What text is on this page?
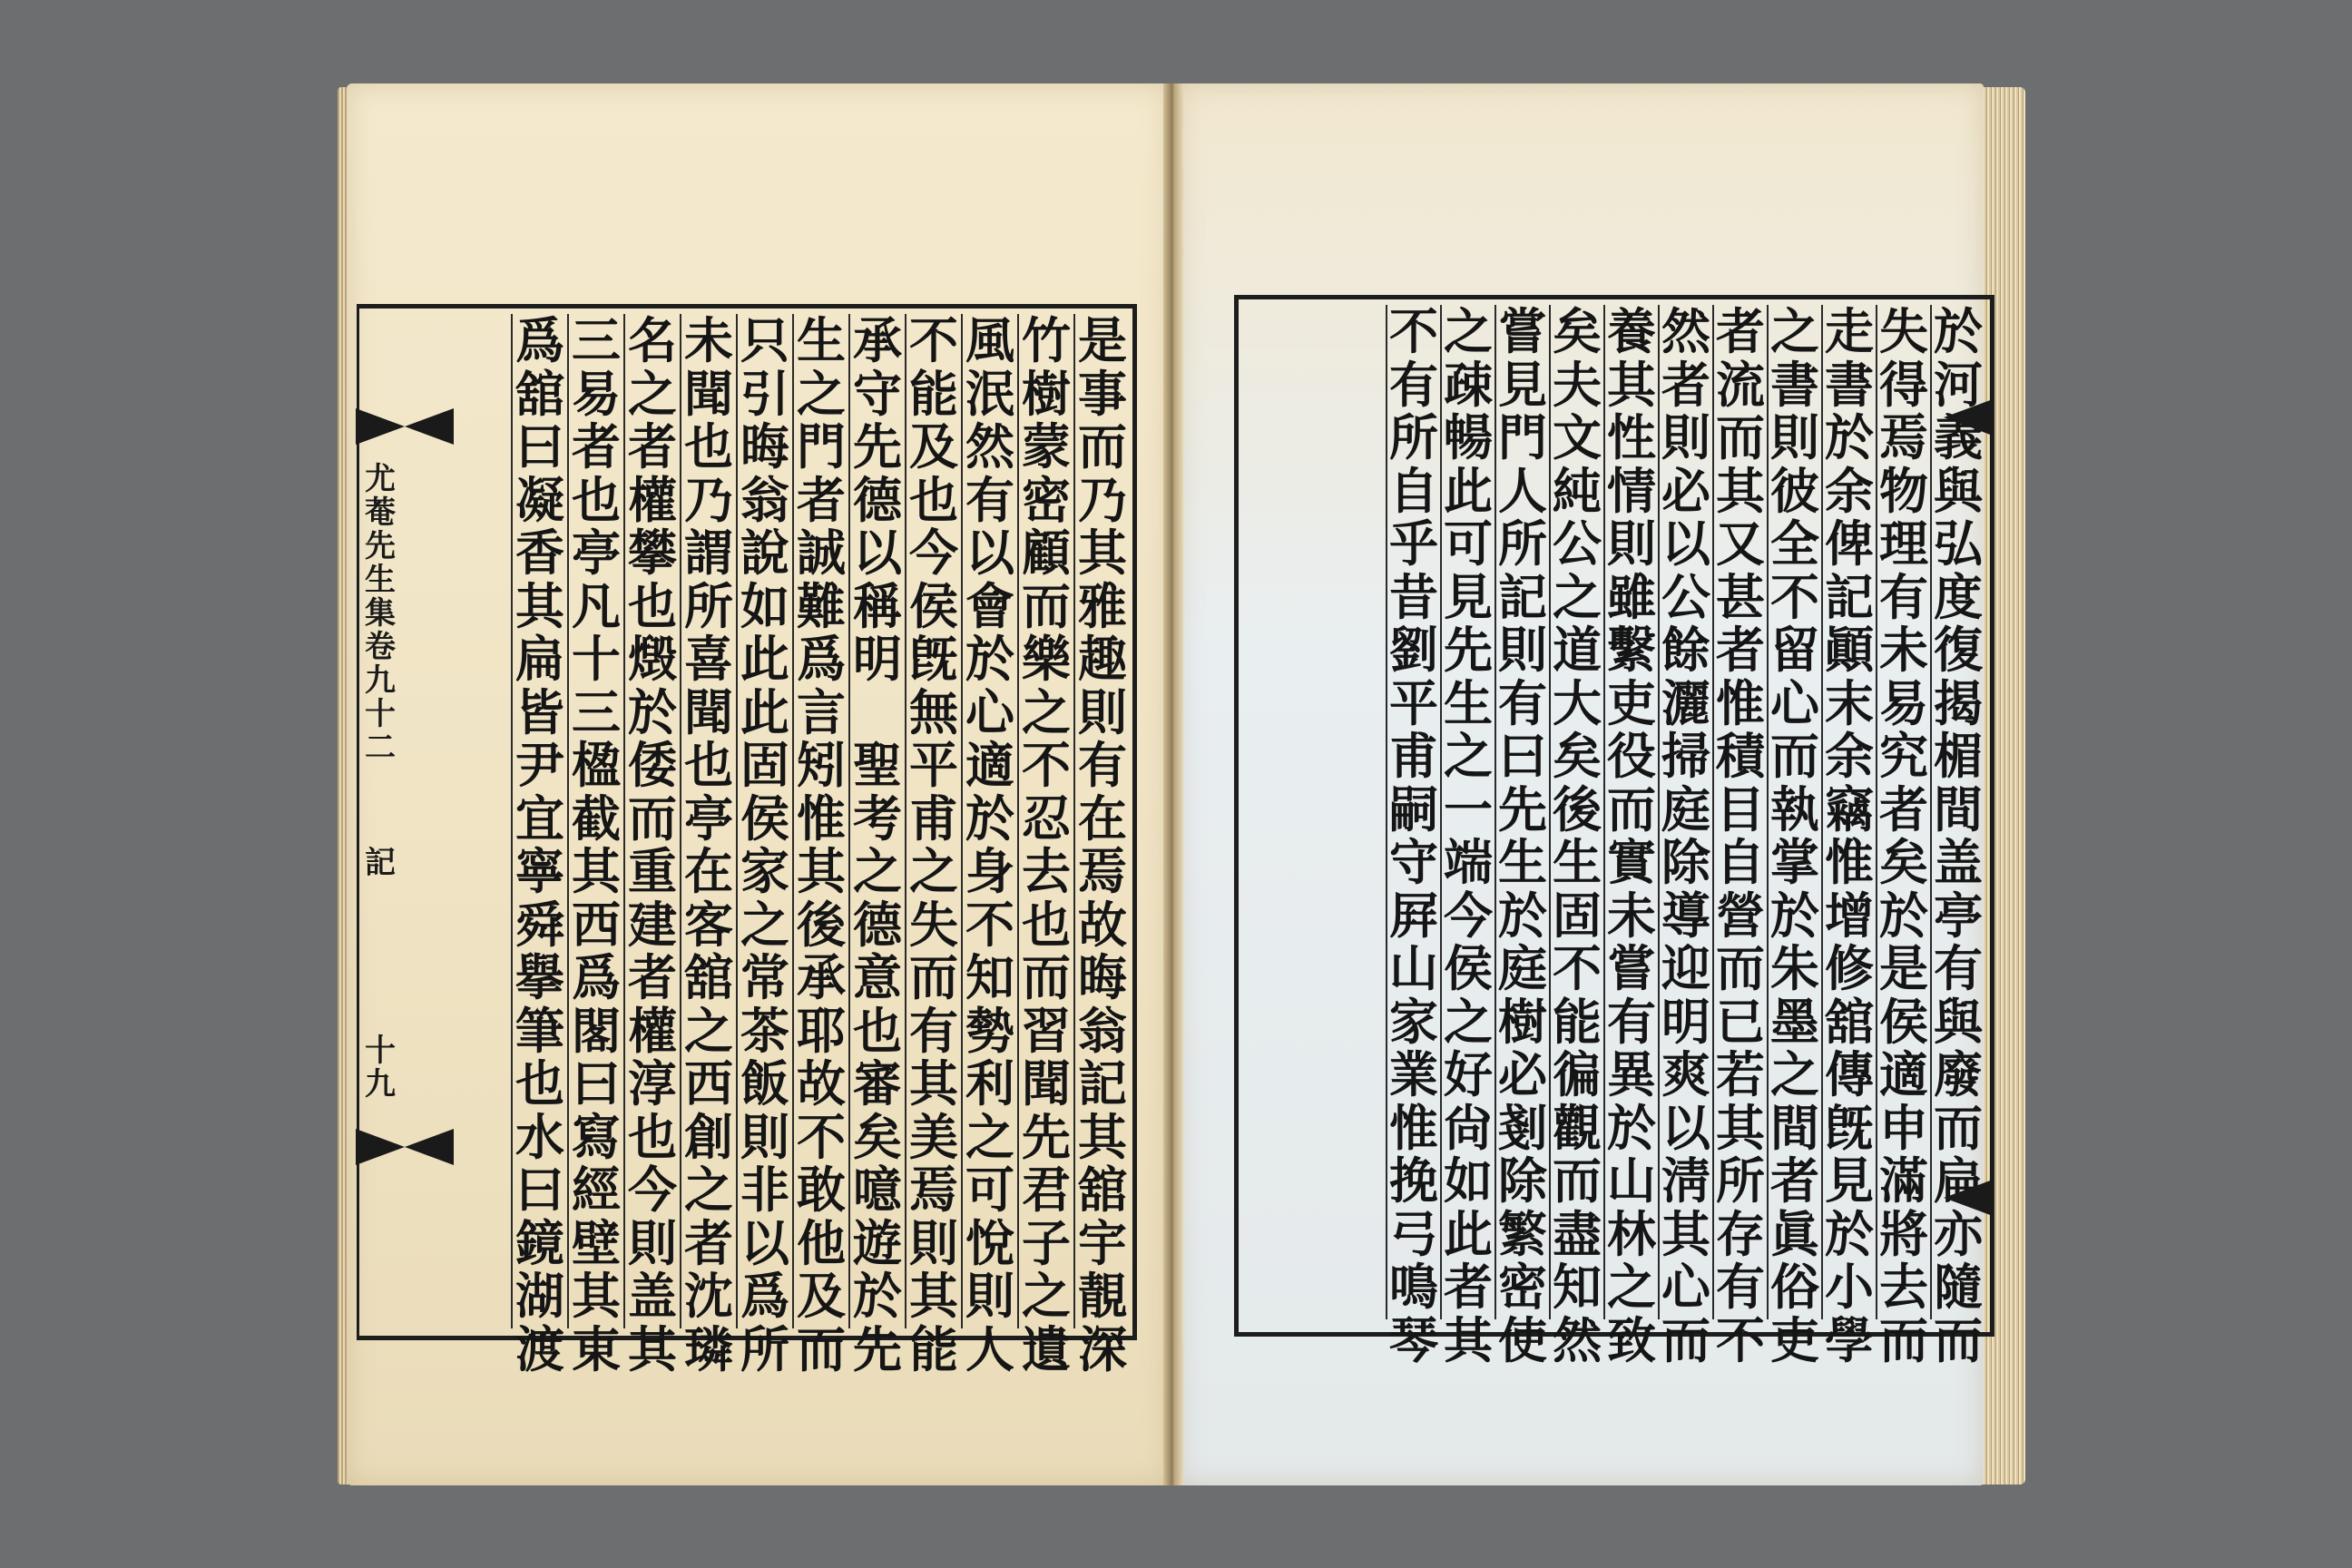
尤
菴
先
生
集
卷
九
十
二
記
十
九
是
事
而
乃
其
雅
趣
則
有
在
焉
故
晦
翁
記
其
舘
宇
靚
深
竹
樹
蒙
密
顧
而
樂
之
不
忍
去
也
而
習
聞
先
君
子
之
遺
風
泯
然
有
以
會
於
心
適
於
身
不
知
勢
利
之
可
悅
則
人
不
能
及
也
今
侯
旣
無
平
甫
之
失
而
有
其
美
焉
則
其
能
承
守
先
德
以
稱
明

聖
考
之
德
意
也
審
矣
噫
遊
於
先
生
之
門
者
誠
難
爲
言
矧
惟
其
後
承
耶
故
不
敢
他
及
而
只
引
晦
翁
說
如
此
此
固
侯
家
之
常
茶
飯
則
非
以
爲
所
未
聞
也
乃
謂
所
喜
聞
也
亭
在
客
舘
之
西
創
之
者
沈
璘
名
之
者
權
攀
也
燬
於
倭
而
重
建
者
權
淳
也
今
則
盖
其
三
易
者
也
亭
凡
十
三
楹
截
其
西
爲
閣
曰
寫
經
壁
其
東
爲
舘
曰
凝
香
其
扁
皆
尹
宜
寧
舜
擧
筆
也
水
曰
鏡
湖
渡
於
河
義
與
弘
度
復
揭
楣
間
盖
亭
有
與
廢
而
扁
亦
隨
而
失
得
焉
物
理
有
未
易
究
者
矣
於
是
侯
適
申
滿
將
去
而
走
書
於
余
俾
記
顚
末
余
竊
惟
增
修
舘
傳
旣
見
於
小
學
之
書
則
彼
全
不
留
心
而
執
掌
於
朱
墨
之
間
者
眞
俗
吏
者
流
而
其
又
甚
者
惟
積
目
自
營
而
已
若
其
所
存
有
不
然
者
則
必
以
公
餘
灑
掃
庭
除
導
迎
明
爽
以
淸
其
心
而
養
其
性
情
則
雖
繫
吏
役
而
實
未
嘗
有
異
於
山
林
之
致
矣
夫
文
純
公
之
道
大
矣
後
生
固
不
能
徧
觀
而
盡
知
然
嘗
見
門
人
所
記
則
有
曰
先
生
於
庭
樹
必
剗
除
繁
密
使
之
疎
暢
此
可
見
先
生
之
一
端
今
侯
之
好
尙
如
此
者
其
不
有
所
自
乎
昔
劉
平
甫
嗣
守
屛
山
家
業
惟
挽
弓
鳴
琴
